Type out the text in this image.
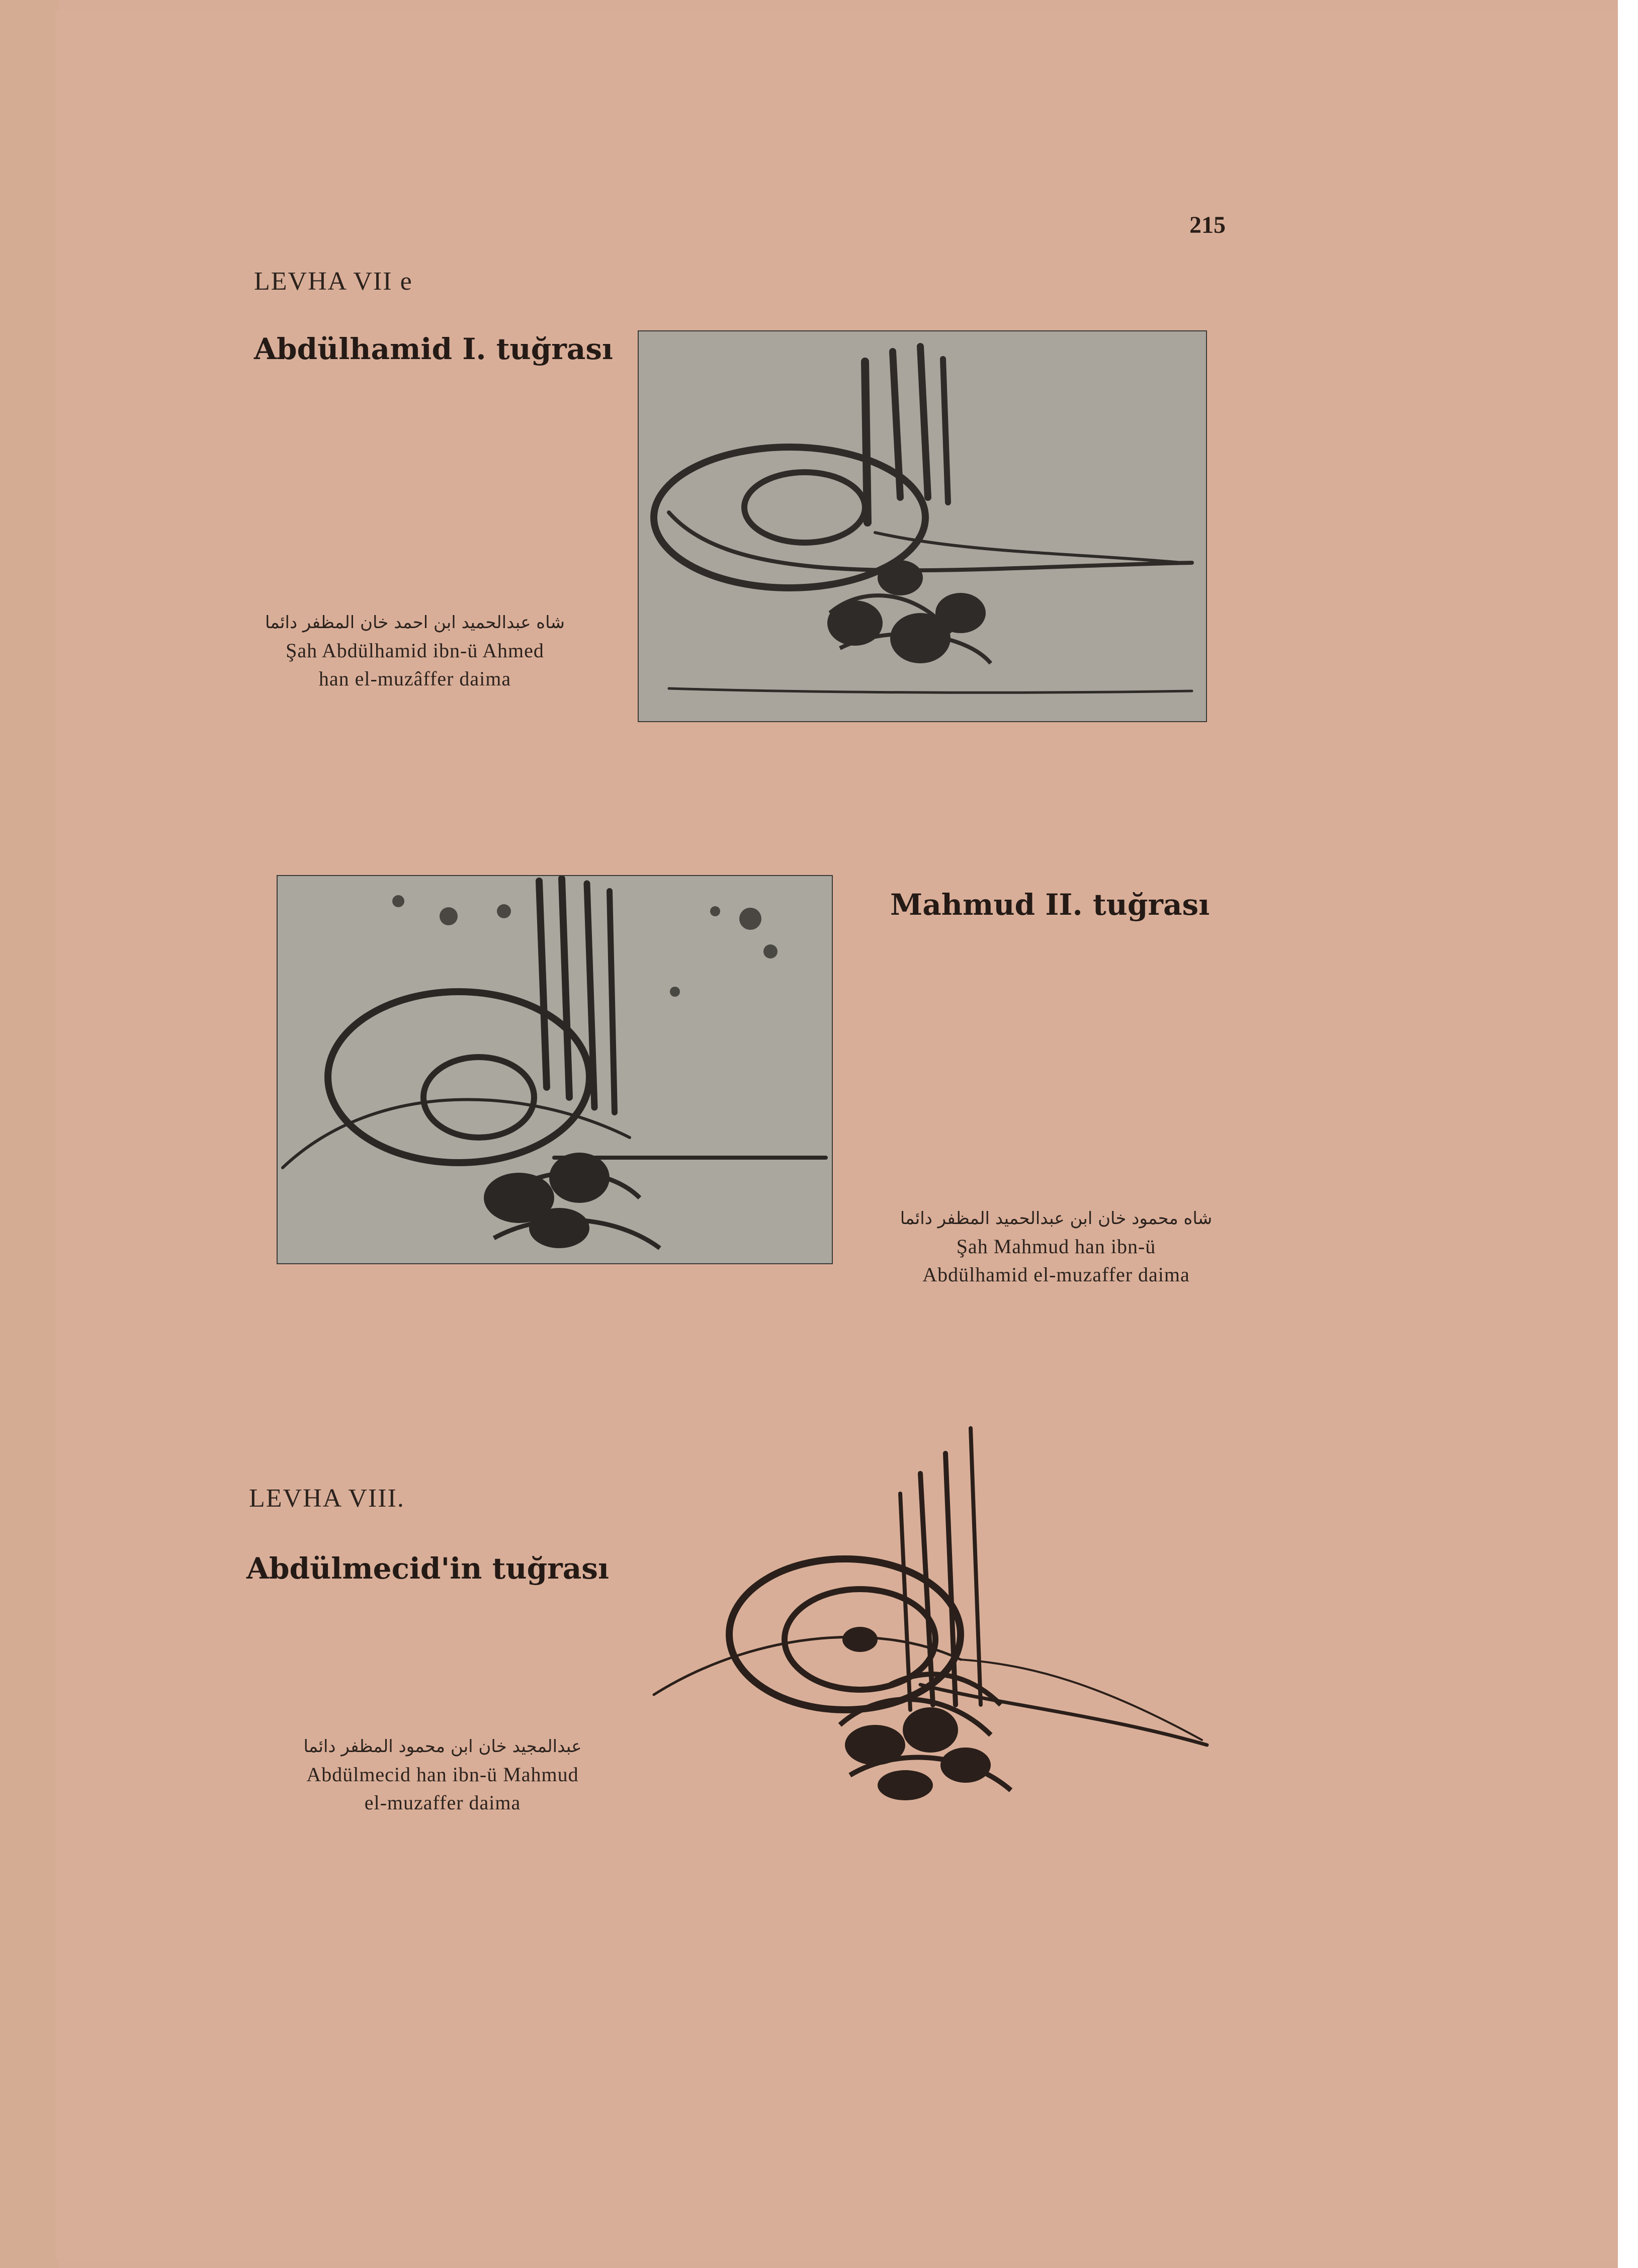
215
LEVHA VII e
Abdülhamid I. tuğrası
شاه عبدالحميد ابن احمد خان المظفر دائما
Şah Abdülhamid ibn-ü Ahmed
han el-muzâffer daima
Mahmud II. tuğrası
شاه محمود خان ابن عبدالحميد المظفر دائما
Şah Mahmud han ibn-ü
Abdülhamid el-muzaffer daima
LEVHA VIII.
Abdülmecid'in tuğrası
عبدالمجيد خان ابن محمود المظفر دائما
Abdülmecid han ibn-ü Mahmud
el-muzaffer daima
